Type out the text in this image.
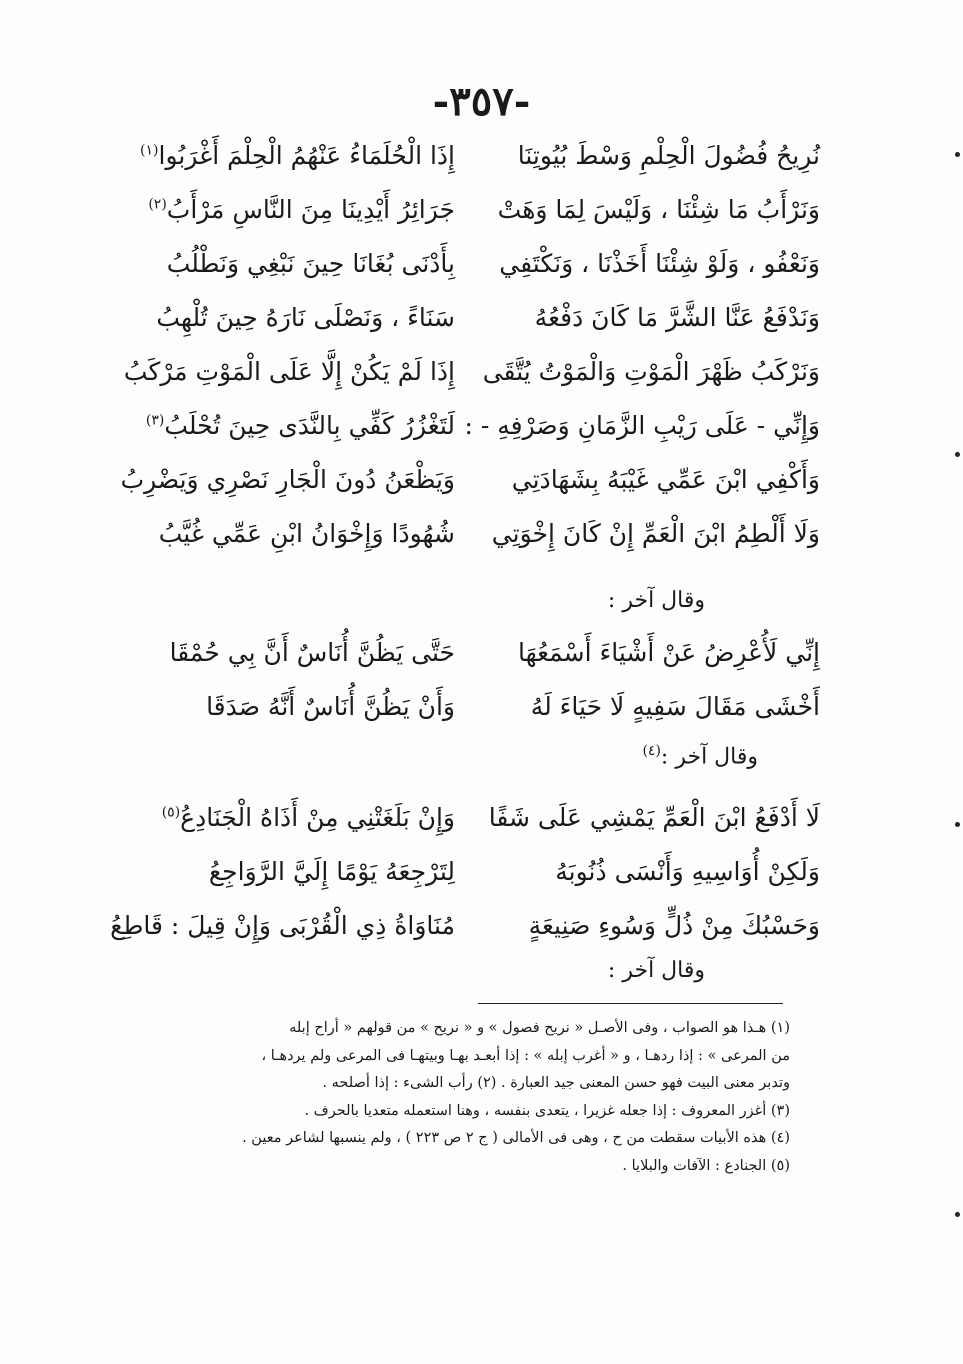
-٣٥٧-
نُرِيحُ فُضُولَ الْحِلْمِ وَسْطَ بُيُوتِنَا
إِذَا الْحُلَمَاءُ عَنْهُمُ الْحِلْمَ أَغْرَبُوا$^{(١)}$
وَنَرْأَبُ مَا شِئْنَا ، وَلَيْسَ لِمَا وَهَتْ
جَرَائِرُ أَيْدِينَا مِنَ النَّاسِ مَرْأَبُ$^{(٢)}$
وَنَعْفُو ، وَلَوْ شِئْنَا أَخَذْنَا ، وَنَكْتَفِي
بِأَدْنَى بُغَانَا حِينَ نَبْغِي وَنَطْلُبُ
وَنَدْفَعُ عَنَّا الشَّرَّ مَا كَانَ دَفْعُهُ
سَنَاءً ، وَنَصْلَى نَارَهُ حِينَ تُلْهِبُ
وَنَرْكَبُ ظَهْرَ الْمَوْتِ وَالْمَوْتُ يُتَّقَى
إِذَا لَمْ يَكُنْ إِلَّا عَلَى الْمَوْتِ مَرْكَبُ
وَإِنِّي - عَلَى رَيْبِ الزَّمَانِ وَصَرْفِهِ - :
لَتَغْزُرُ كَفِّي بِالنَّدَى حِينَ تُحْلَبُ$^{(٣)}$
وَأَكْفِي ابْنَ عَمِّي غَيْبَهُ بِشَهَادَتِي
وَيَظْعَنُ دُونَ الْجَارِ نَصْرِي وَيَضْرِبُ
وَلَا أَلْطِمُ ابْنَ الْعَمِّ إِنْ كَانَ إِخْوَتِي
شُهُودًا وَإِخْوَانُ ابْنِ عَمِّي غُيَّبُ
وقال آخر :
إِنِّي لَأُعْرِضُ عَنْ أَشْيَاءَ أَسْمَعُهَا
حَتَّى يَظُنَّ أُنَاسٌ أَنَّ بِي حُمْقَا
أَخْشَى مَقَالَ سَفِيهٍ لَا حَيَاءَ لَهُ
وَأَنْ يَظُنَّ أُنَاسٌ أَنَّهُ صَدَقَا
وقال آخر :$^{(٤)}$
لَا أَدْفَعُ ابْنَ الْعَمِّ يَمْشِي عَلَى شَفًا
وَإِنْ بَلَغَتْنِي مِنْ أَذَاهُ الْجَنَادِعُ$^{(٥)}$
وَلَكِنْ أُوَاسِيهِ وَأَنْسَى ذُنُوبَهُ
لِتَرْجِعَهُ يَوْمًا إِلَيَّ الرَّوَاجِعُ
وَحَسْبُكَ مِنْ ذُلٍّ وَسُوءِ صَنِيعَةٍ
مُنَاوَاةُ ذِي الْقُرْبَى وَإِنْ قِيلَ : قَاطِعُ
وقال آخر :
(١) هـذا هو الصواب ، وفى الأصـل « نريح فصول » و « نريح » من قولهم « أراح إبله
من المرعى » : إذا ردهـا ، و « أغرب إبله » : إذا أبعـد بهـا وبيتهـا فى المرعى ولم يردهـا ،
وتدبر معنى البيت فهو حسن المعنى جيد العبارة . (٢) رأب الشىء : إذا أصلحه .
(٣) أغزر المعروف : إذا جعله غزيرا ، يتعدى بنفسه ، وهنا استعمله متعديا بالحرف .
(٤) هذه الأبيات سقطت من ح ، وهى فى الأمالى ( ج ٢ ص ٢٢٣ ) ، ولم ينسبها لشاعر معين .
(٥) الجنادع : الآفات والبلايا .
